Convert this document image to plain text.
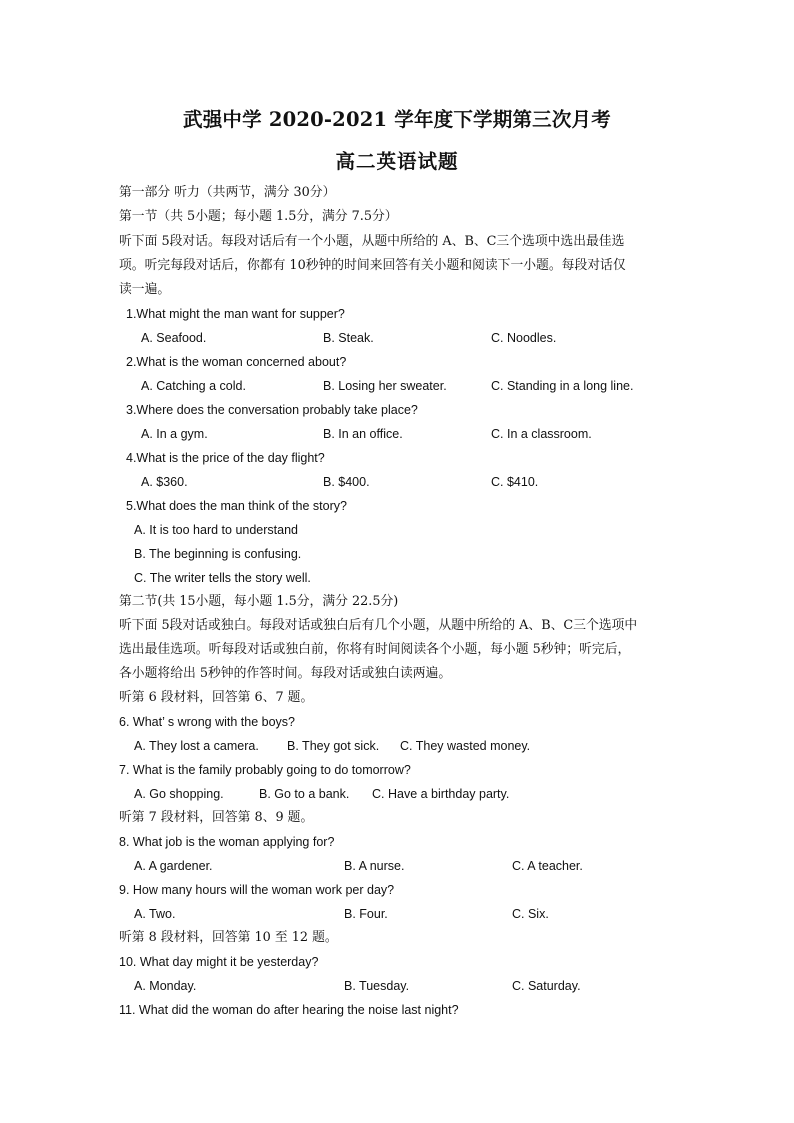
武强中学 2020-2021 学年度下学期第三次月考
高二英语试题
第一部分 听力（共两节，满分 30分）
第一节（共 5小题；每小题 1.5分，满分 7.5分）
听下面 5段对话。每段对话后有一个小题，从题中所给的 A、B、C三个选项中选出最佳选
项。听完每段对话后，你都有 10秒钟的时间来回答有关小题和阅读下一小题。每段对话仅
读一遍。
1.What might the man want for supper?
A. Seafood.	B. Steak.	C. Noodles.
2.What is the woman concerned about?
A. Catching a cold.	B. Losing her sweater.	C. Standing in a long line.
3.Where does the conversation probably take place?
A. In a gym.	B. In an office.	C. In a classroom.
4.What is the price of the day flight?
A. $360.	B. $400.	C. $410.
5.What does the man think of the story?
A. It is too hard to understand
B. The beginning is confusing.
C. The writer tells the story well.
第二节(共 15小题，每小题 1.5分，满分 22.5分)
听下面 5段对话或独白。每段对话或独白后有几个小题，从题中所给的 A、B、C三个选项中
选出最佳选项。听每段对话或独白前，你将有时间阅读各个小题，每小题 5秒钟；听完后，
各小题将给出 5秒钟的作答时间。每段对话或独白读两遍。
听第 6 段材料，回答第 6、7 题。
6. What’ s wrong with the boys?
A. They lost a camera. B. They got sick. C. They wasted money.
7. What is the family probably going to do tomorrow?
A. Go shopping.	B. Go to a bank. C. Have a birthday party.
听第 7 段材料，回答第 8、9 题。
8. What job is the woman applying for?
A. A gardener.	B. A nurse.	C. A teacher.
9. How many hours will the woman work per day?
A. Two.	B. Four.	C. Six.
听第 8 段材料，回答第 10 至 12 题。
10. What day might it be yesterday?
A. Monday.	B. Tuesday.	C. Saturday.
11. What did the woman do after hearing the noise last night?
